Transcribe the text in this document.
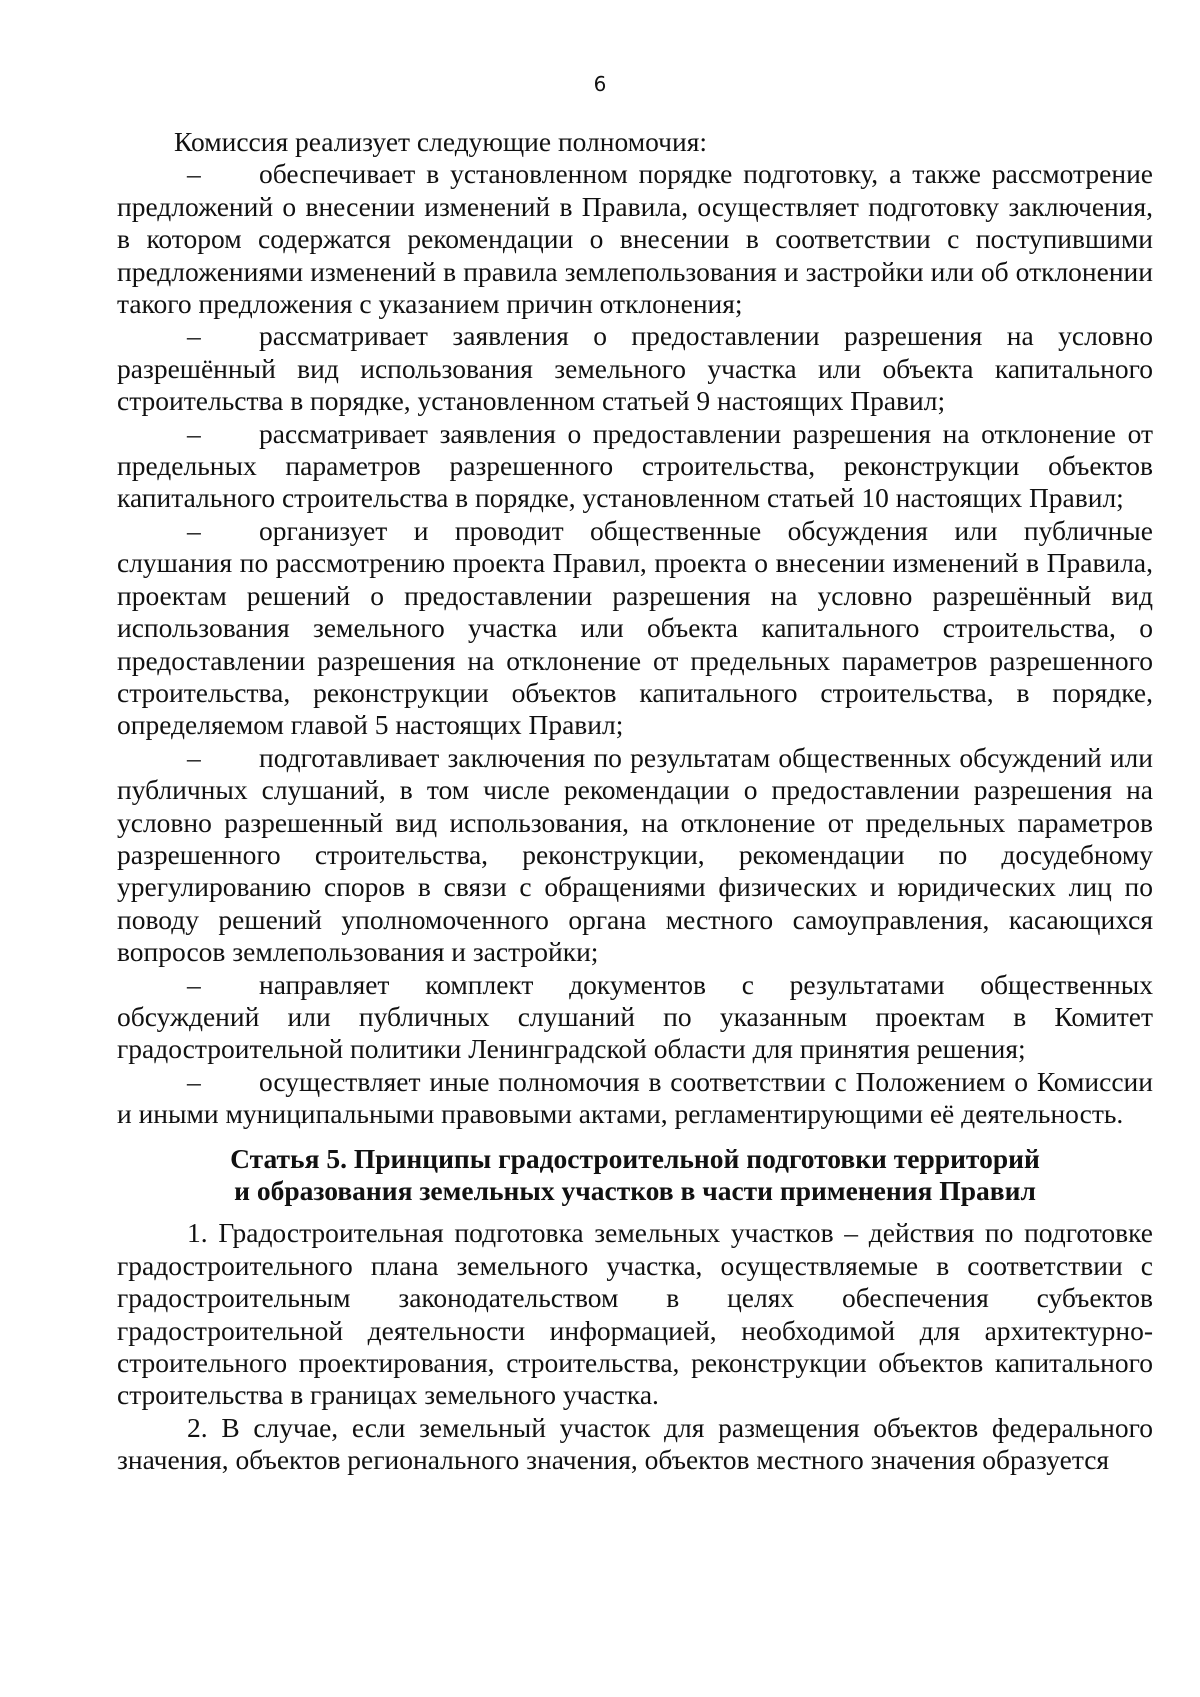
6

Комиссия реализует следующие полномочия:

– обеспечивает в установленном порядке подготовку, а также рассмотрение предложений о внесении изменений в Правила, осуществляет подготовку заключения, в котором содержатся рекомендации о внесении в соответствии с поступившими предложениями изменений в правила землепользования и застройки или об отклонении такого предложения с указанием причин отклонения;

– рассматривает заявления о предоставлении разрешения на условно разрешённый вид использования земельного участка или объекта капитального строительства в порядке, установленном статьей 9 настоящих Правил;

– рассматривает заявления о предоставлении разрешения на отклонение от предельных параметров разрешенного строительства, реконструкции объектов капитального строительства в порядке, установленном статьей 10 настоящих Правил;

– организует и проводит общественные обсуждения или публичные слушания по рассмотрению проекта Правил, проекта о внесении изменений в Правила, проектам решений о предоставлении разрешения на условно разрешённый вид использования земельного участка или объекта капитального строительства, о предоставлении разрешения на отклонение от предельных параметров разрешенного строительства, реконструкции объектов капитального строительства, в порядке, определяемом главой 5 настоящих Правил;

– подготавливает заключения по результатам общественных обсуждений или публичных слушаний, в том числе рекомендации о предоставлении разрешения на условно разрешенный вид использования, на отклонение от предельных параметров разрешенного строительства, реконструкции, рекомендации по досудебному урегулированию споров в связи с обращениями физических и юридических лиц по поводу решений уполномоченного органа местного самоуправления, касающихся вопросов землепользования и застройки;

– направляет комплект документов с результатами общественных обсуждений или публичных слушаний по указанным проектам в Комитет градостроительной политики Ленинградской области для принятия решения;

– осуществляет иные полномочия в соответствии с Положением о Комиссии и иными муниципальными правовыми актами, регламентирующими её деятельность.

Статья 5. Принципы градостроительной подготовки территорий
и образования земельных участков в части применения Правил

1. Градостроительная подготовка земельных участков – действия по подготовке градостроительного плана земельного участка, осуществляемые в соответствии с градостроительным законодательством в целях обеспечения субъектов градостроительной деятельности информацией, необходимой для архитектурно-строительного проектирования, строительства, реконструкции объектов капитального строительства в границах земельного участка.

2. В случае, если земельный участок для размещения объектов федерального значения, объектов регионального значения, объектов местного значения образуется
